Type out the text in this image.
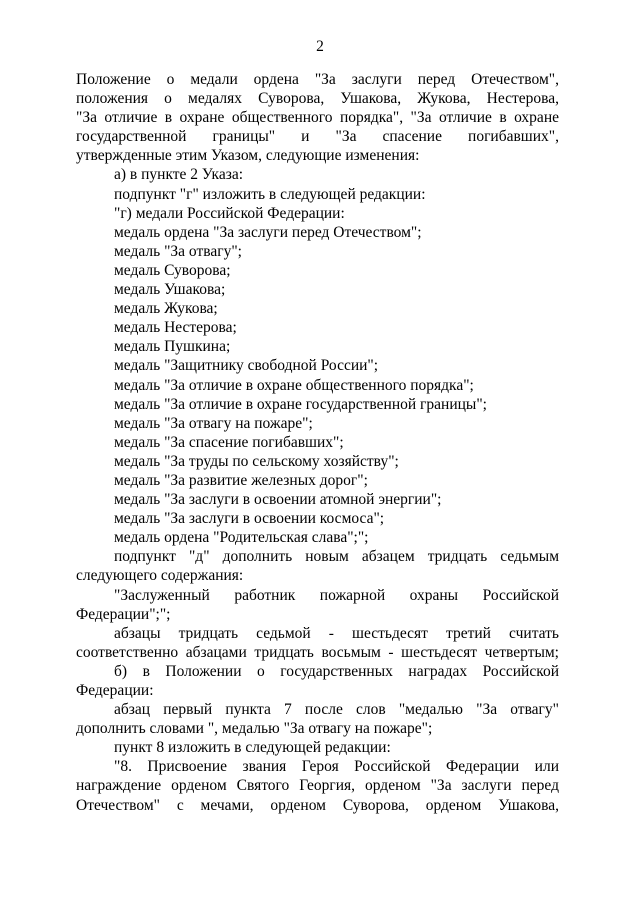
2
Положение о медали ордена "За заслуги перед Отечеством",
положения о медалях Суворова, Ушакова, Жукова, Нестерова,
"За отличие в охране общественного порядка", "За отличие в охране
государственной границы" и "За спасение погибавших",
утвержденные этим Указом, следующие изменения:
а) в пункте 2 Указа:
подпункт "г" изложить в следующей редакции:
"г) медали Российской Федерации:
медаль ордена "За заслуги перед Отечеством";
медаль "За отвагу";
медаль Суворова;
медаль Ушакова;
медаль Жукова;
медаль Нестерова;
медаль Пушкина;
медаль "Защитнику свободной России";
медаль "За отличие в охране общественного порядка";
медаль "За отличие в охране государственной границы";
медаль "За отвагу на пожаре";
медаль "За спасение погибавших";
медаль "За труды по сельскому хозяйству";
медаль "За развитие железных дорог";
медаль "За заслуги в освоении атомной энергии";
медаль "За заслуги в освоении космоса";
медаль ордена "Родительская слава";";
подпункт "д" дополнить новым абзацем тридцать седьмым
следующего содержания:
"Заслуженный работник пожарной охраны Российской
Федерации";";
абзацы тридцать седьмой - шестьдесят третий считать
соответственно абзацами тридцать восьмым - шестьдесят четвертым;
б) в Положении о государственных наградах Российской
Федерации:
абзац первый пункта 7 после слов "медалью "За отвагу"
дополнить словами ", медалью "За отвагу на пожаре";
пункт 8 изложить в следующей редакции:
"8. Присвоение звания Героя Российской Федерации или
награждение орденом Святого Георгия, орденом "За заслуги перед
Отечеством" с мечами, орденом Суворова, орденом Ушакова,
